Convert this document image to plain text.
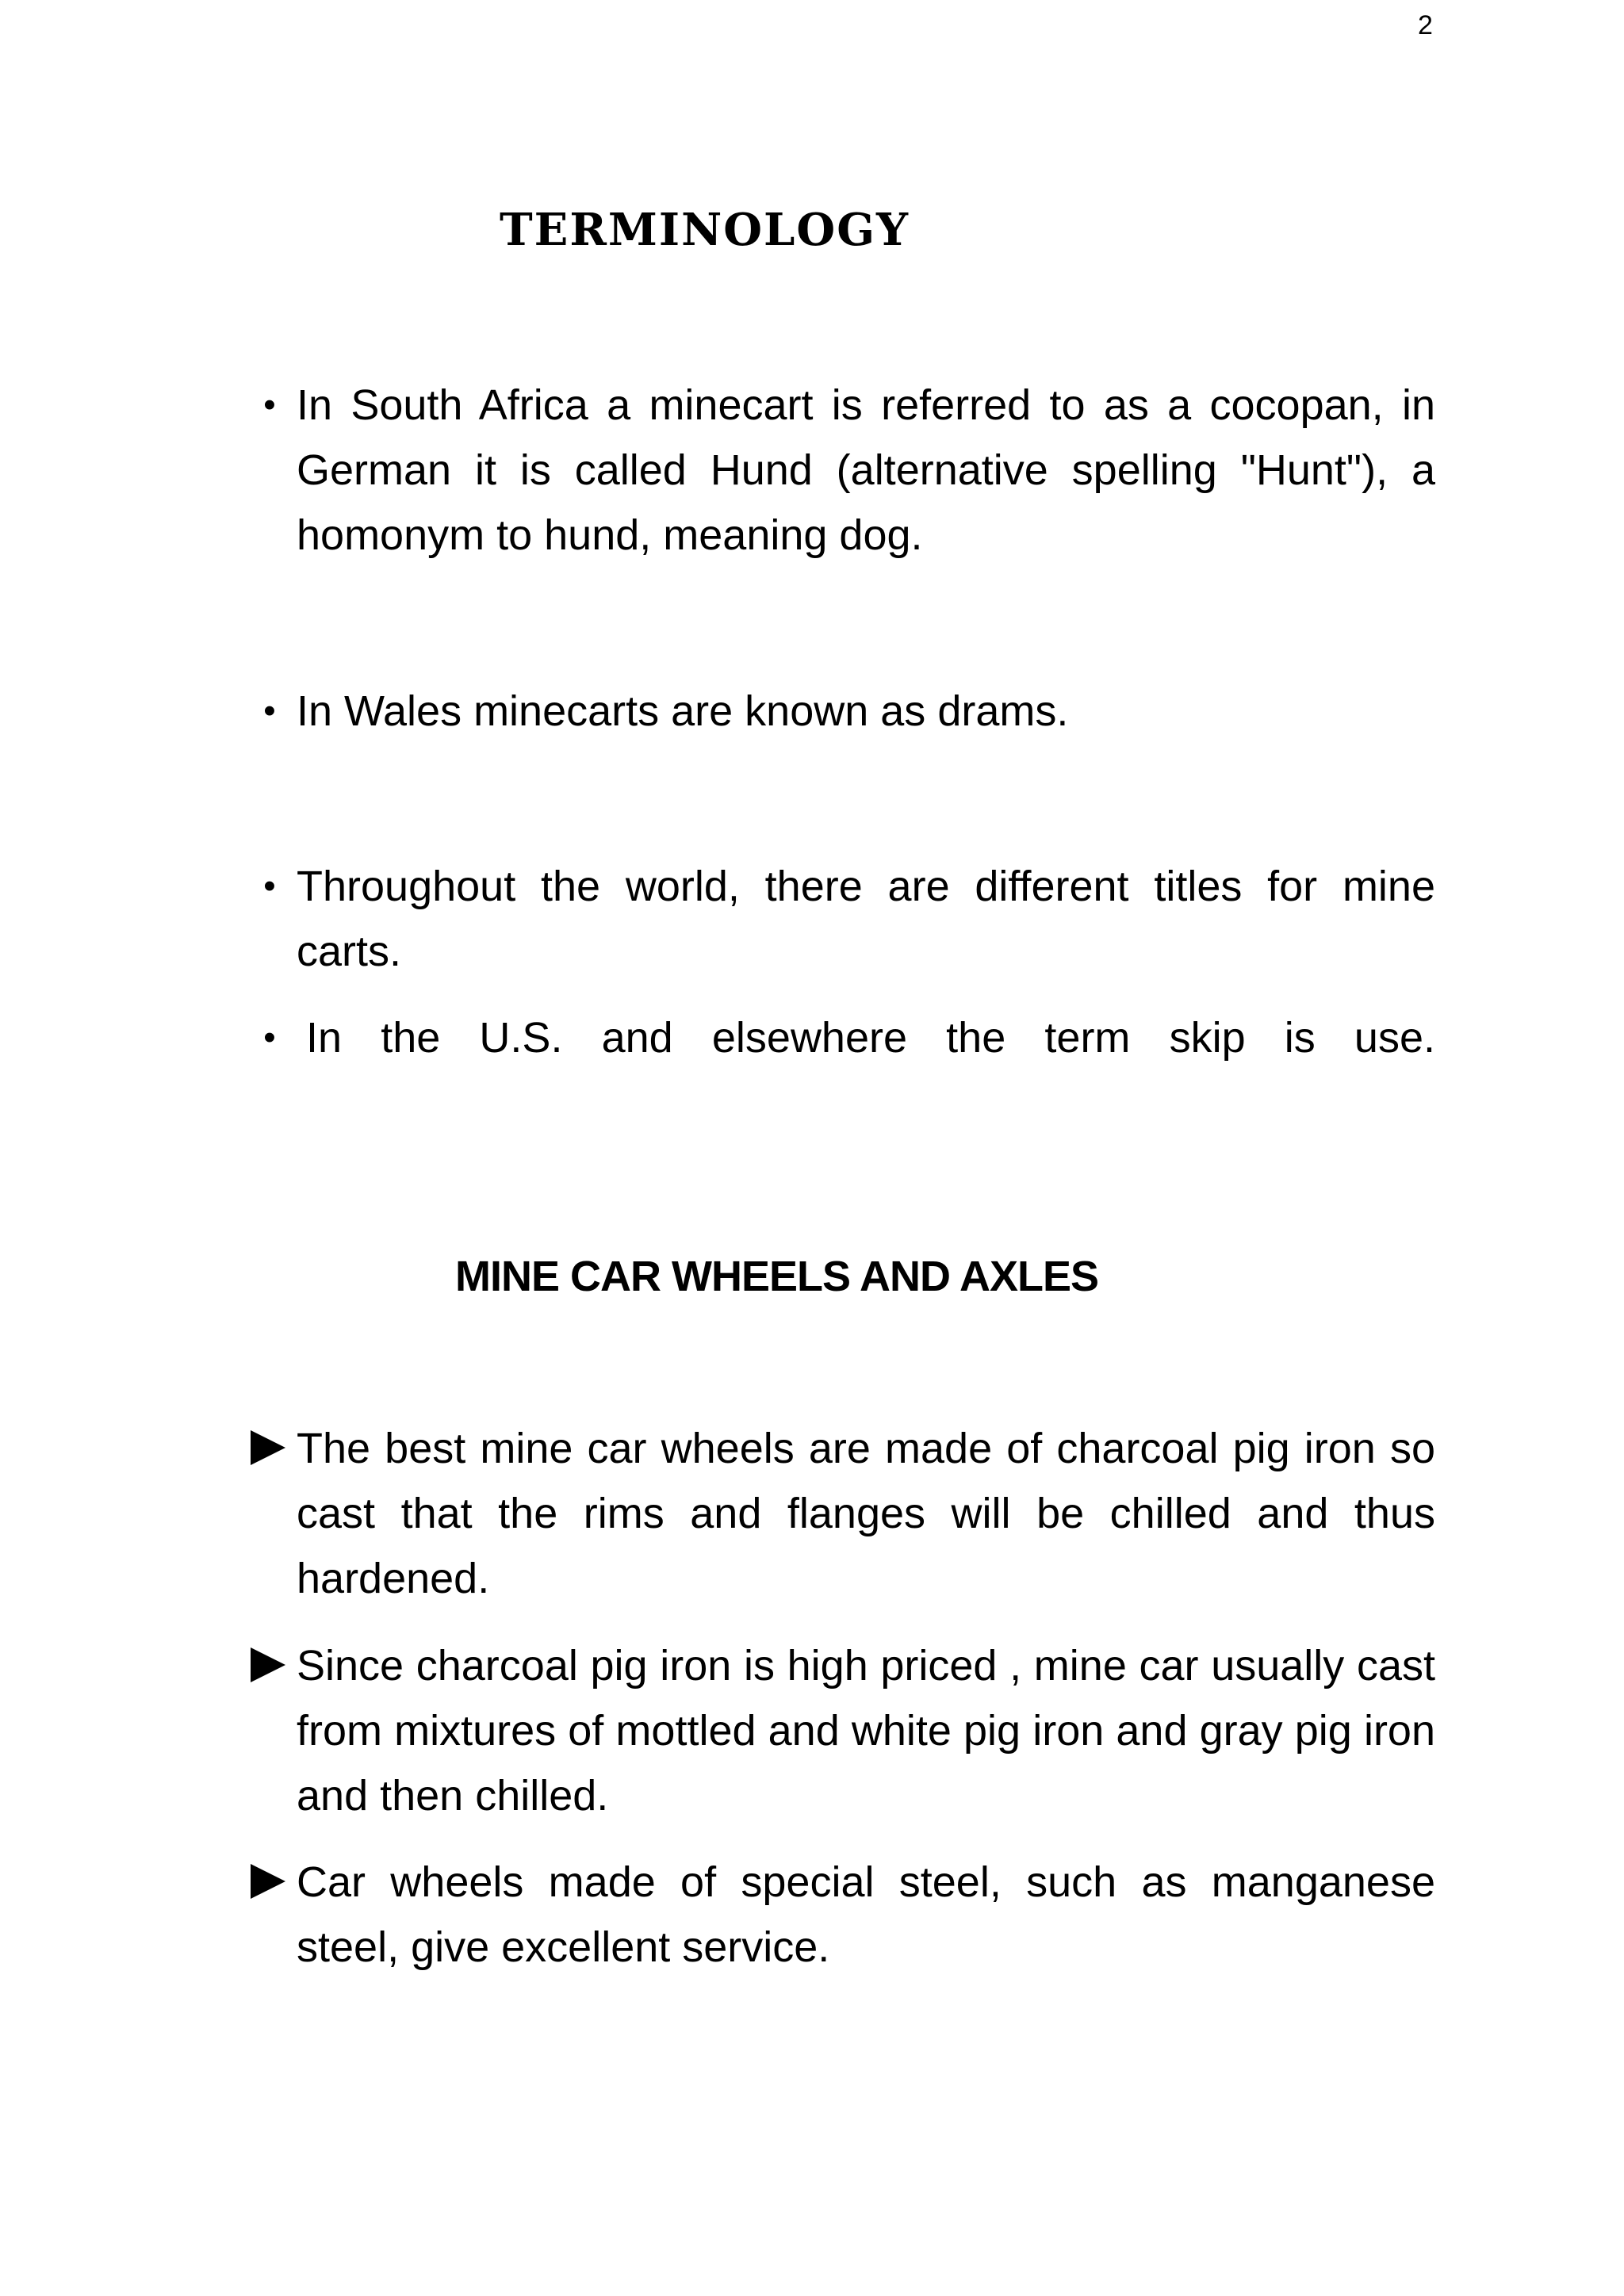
2
TERMINOLOGY
• In South Africa a minecart is referred to as a cocopan, in German it is called Hund (alternative spelling "Hunt"), a homonym to hund, meaning dog.
• In Wales minecarts are known as drams.
• Throughout the world, there are different titles for mine carts.
• In the U.S. and elsewhere the term skip is use.
MINE CAR WHEELS AND AXLES
The best mine car wheels are made of charcoal pig iron so cast that the rims and flanges will be chilled and thus hardened.
Since charcoal pig iron is high priced , mine car usually cast from mixtures of mottled and white pig iron and gray pig iron and then chilled.
Car wheels made of special steel, such as manganese steel, give excellent service.
